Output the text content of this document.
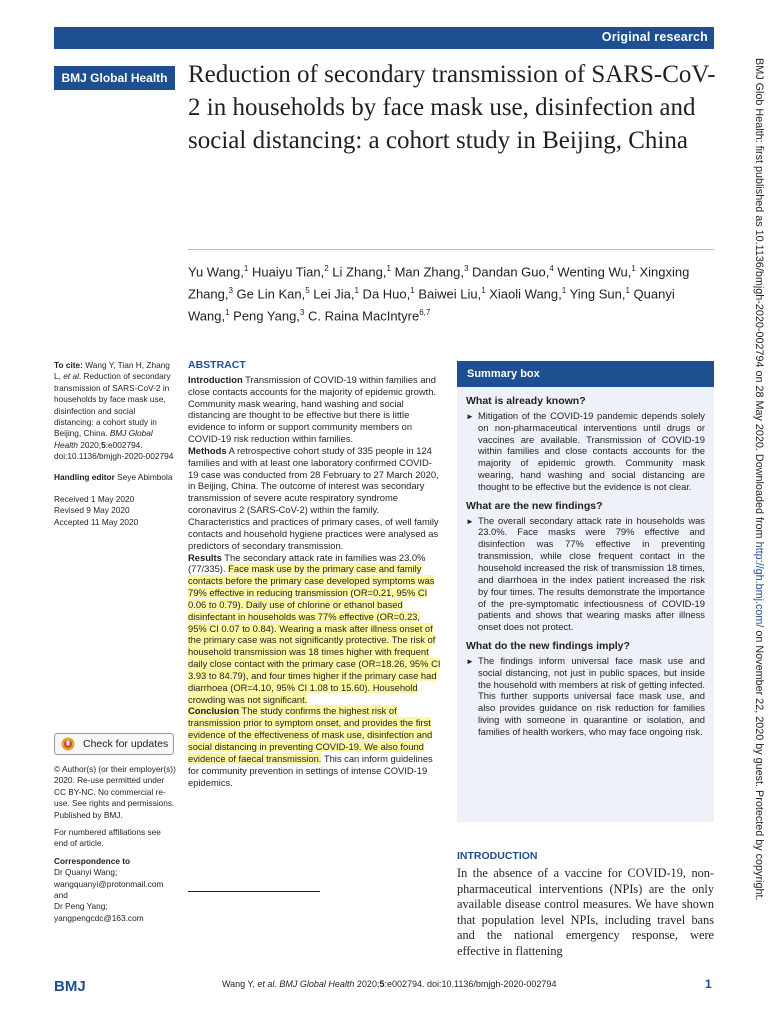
Original research
BMJ Global Health Reduction of secondary transmission of SARS-CoV-2 in households by face mask use, disinfection and social distancing: a cohort study in Beijing, China
Yu Wang,$^1$ Huaiyu Tian,$^2$ Li Zhang,$^1$ Man Zhang,$^3$ Dandan Guo,$^4$ Wenting Wu,$^1$ Xingxing Zhang,$^3$ Ge Lin Kan,$^5$ Lei Jia,$^1$ Da Huo,$^1$ Baiwei Liu,$^1$ Xiaoli Wang,$^1$ Ying Sun,$^1$ Quanyi Wang,$^1$ Peng Yang,$^3$ C. Raina MacIntyre$^{6,7}$

To cite: Wang Y, Tian H, Zhang L, et al. Reduction of secondary transmission of SARS-CoV-2 in households by face mask use, disinfection and social distancing: a cohort study in Beijing, China. BMJ Global Health 2020;5:e002794. doi:10.1136/bmjgh-2020-002794

Handling editor Seye Abimbola

Received 1 May 2020

Revised 9 May 2020

Accepted 11 May 2020

Check for updates

© Author(s) (or their employer(s)) 2020. Re-use permitted under CC BY-NC. No commercial re-use. See rights and permissions. Published by BMJ.

For numbered affiliations see end of article.

Correspondence to
Dr Quanyi Wang;
wangquanyi@protonmail.com
and
Dr Peng Yang;
yangpengcdc@163.com

ABSTRACT

Introduction Transmission of COVID-19 within families and close contacts accounts for the majority of epidemic growth. Community mask wearing, hand washing and social distancing are thought to be effective but there is little evidence to inform or support community members on COVID-19 risk reduction within families.

Methods A retrospective cohort study of 335 people in 124 families and with at least one laboratory confirmed COVID-19 case was conducted from 28 February to 27 March 2020, in Beijing, China. The outcome of interest was secondary transmission of severe acute respiratory syndrome coronavirus 2 (SARS-CoV-2) within the family. Characteristics and practices of primary cases, of well family contacts and household hygiene practices were analysed as predictors of secondary transmission.

Results The secondary attack rate in families was 23.0% (77/335). Face mask use by the primary case and family contacts before the primary case developed symptoms was 79% effective in reducing transmission (OR=0.21, 95% CI 0.06 to 0.79). Daily use of chlorine or ethanol based disinfectant in households was 77% effective (OR=0.23, 95% CI 0.07 to 0.84). Wearing a mask after illness onset of the primary case was not significantly protective. The risk of household transmission was 18 times higher with frequent daily close contact with the primary case (OR=18.26, 95% CI 3.93 to 84.79), and four times higher if the primary case had diarrhoea (OR=4.10, 95% CI 1.08 to 15.60). Household crowding was not significant.

Conclusion The study confirms the highest risk of transmission prior to symptom onset, and provides the first evidence of the effectiveness of mask use, disinfection and social distancing in preventing COVID-19. We also found evidence of faecal transmission. This can inform guidelines for community prevention in settings of intense COVID-19 epidemics.

Summary box
What is already known?
► Mitigation of the COVID-19 pandemic depends solely on non-pharmaceutical interventions until drugs or vaccines are available. Transmission of COVID-19 within families and close contacts accounts for the majority of epidemic growth. Community mask wearing, hand washing and social distancing are thought to be effective but the evidence is not clear.
What are the new findings?
► The overall secondary attack rate in households was 23.0%. Face masks were 79% effective and disinfection was 77% effective in preventing transmission, while close frequent contact in the household increased the risk of transmission 18 times, and diarrhoea in the index patient increased the risk by four times. The results demonstrate the importance of the pre-symptomatic infectiousness of COVID-19 patients and shows that wearing masks after illness onset does not protect.
What do the new findings imply?
► The findings inform universal face mask use and social distancing, not just in public spaces, but inside the household with members at risk of getting infected. This further supports universal face mask use, and also provides guidance on risk reduction for families living with someone in quarantine or isolation, and families of health workers, who may face ongoing risk.
INTRODUCTION
In the absence of a vaccine for COVID-19, non-pharmaceutical interventions (NPIs) are the only available disease control measures. We have shown that population level NPIs, including travel bans and the national emergency response, were effective in flattening
BMJ Glob Health: first published as 10.1136/bmjgh-2020-002794 on 28 May 2020. Downloaded from http://gh.bmj.com/ on November 22, 2020 by guest. Protected by copyright.
BMJ	Wang Y, et al. BMJ Global Health 2020;5:e002794. doi:10.1136/bmjgh-2020-002794	1
